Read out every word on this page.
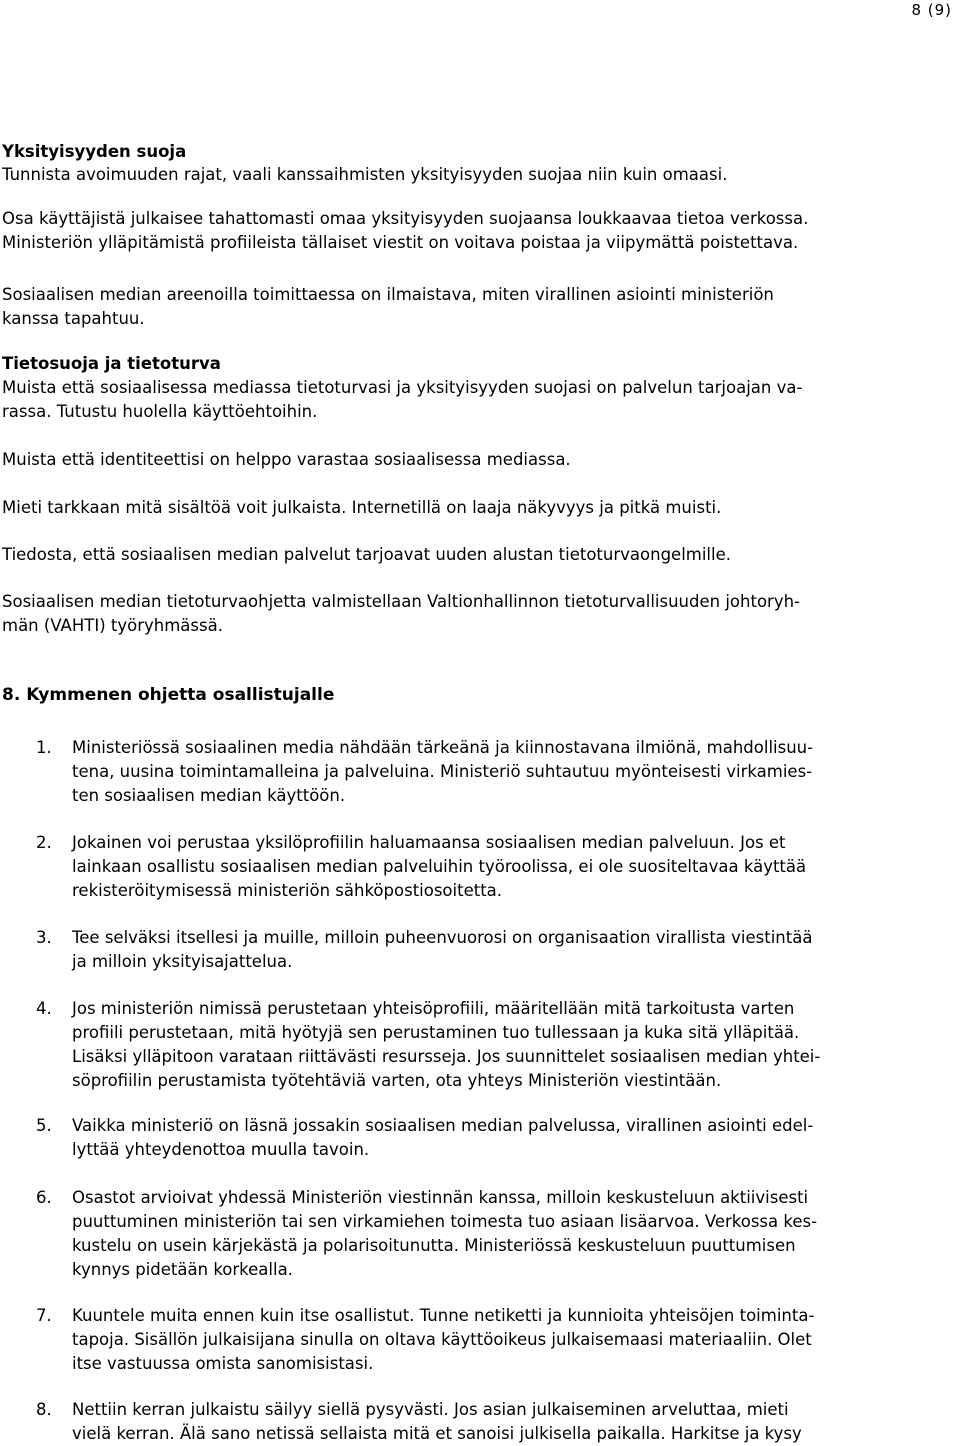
8 (9)
Yksityisyyden suoja
Tunnista avoimuuden rajat, vaali kanssaihmisten yksityisyyden suojaa niin kuin omaasi.
Osa käyttäjistä julkaisee tahattomasti omaa yksityisyyden suojaansa loukkaavaa tietoa verkossa.
Ministeriön ylläpitämistä profiileista tällaiset viestit on voitava poistaa ja viipymättä poistettava.
Sosiaalisen median areenoilla toimittaessa on ilmaistava, miten virallinen asiointi ministeriön
kanssa tapahtuu.
Tietosuoja ja tietoturva
Muista että sosiaalisessa mediassa tietoturvasi ja yksityisyyden suojasi on palvelun tarjoajan va-
rassa. Tutustu huolella käyttöehtoihin.
Muista että identiteettisi on helppo varastaa sosiaalisessa mediassa.
Mieti tarkkaan mitä sisältöä voit julkaista. Internetillä on laaja näkyvyys ja pitkä muisti.
Tiedosta, että sosiaalisen median palvelut tarjoavat uuden alustan tietoturvaongelmille.
Sosiaalisen median tietoturvaohjetta valmistellaan Valtionhallinnon tietoturvallisuuden johtoryh-
män (VAHTI) työryhmässä.
8. Kymmenen ohjetta osallistujalle
1. Ministeriössä sosiaalinen media nähdään tärkeänä ja kiinnostavana ilmiönä, mahdollisuu-
tena, uusina toimintamalleina ja palveluina. Ministeriö suhtautuu myönteisesti virkamies-
ten sosiaalisen median käyttöön.
2. Jokainen voi perustaa yksilöprofiilin haluamaansa sosiaalisen median palveluun. Jos et
lainkaan osallistu sosiaalisen median palveluihin työroolissa, ei ole suositeltavaa käyttää
rekisteröitymisessä ministeriön sähköpostiosoitetta.
3. Tee selväksi itsellesi ja muille, milloin puheenvuorosi on organisaation virallista viestintää
ja milloin yksityisajattelua.
4. Jos ministeriön nimissä perustetaan yhteisöprofiili, määritellään mitä tarkoitusta varten
profiili perustetaan, mitä hyötyjä sen perustaminen tuo tullessaan ja kuka sitä ylläpitää.
Lisäksi ylläpitoon varataan riittävästi resursseja. Jos suunnittelet sosiaalisen median yhtei-
söprofiilin perustamista työtehtäviä varten, ota yhteys Ministeriön viestintään.
5. Vaikka ministeriö on läsnä jossakin sosiaalisen median palvelussa, virallinen asiointi edel-
lyttää yhteydenottoa muulla tavoin.
6. Osastot arvioivat yhdessä Ministeriön viestinnän kanssa, milloin keskusteluun aktiivisesti
puuttuminen ministeriön tai sen virkamiehen toimesta tuo asiaan lisäarvoa. Verkossa kes-
kustelu on usein kärjekästä ja polarisoitunutta. Ministeriössä keskusteluun puuttumisen
kynnys pidetään korkealla.
7. Kuuntele muita ennen kuin itse osallistut. Tunne netiketti ja kunnioita yhteisöjen toiminta-
tapoja. Sisällön julkaisijana sinulla on oltava käyttöoikeus julkaisemaasi materiaaliin. Olet
itse vastuussa omista sanomisistasi.
8. Nettiin kerran julkaistu säilyy siellä pysyvästi. Jos asian julkaiseminen arveluttaa, mieti
vielä kerran. Älä sano netissä sellaista mitä et sanoisi julkisella paikalla. Harkitse ja kysy
